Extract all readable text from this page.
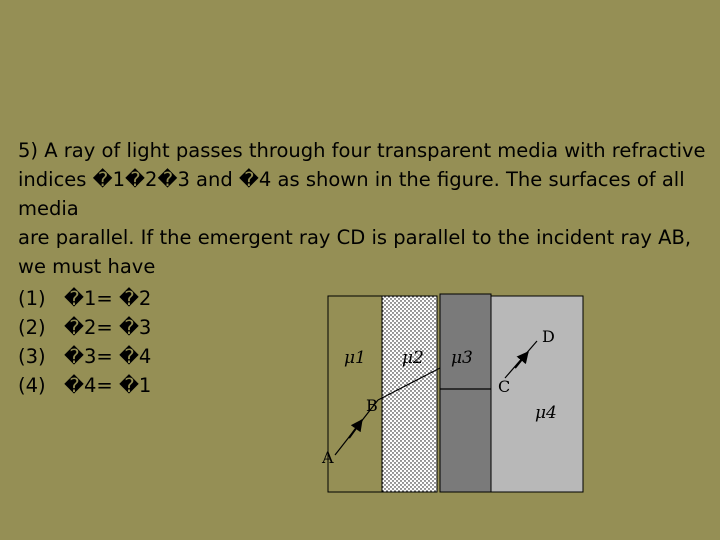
5) A ray of light passes through four transparent media with refractive
indices �1�2�3 and �4 as shown in the figure. The surfaces of all media
are parallel. If the emergent ray CD is parallel to the incident ray AB,
we must have

(1) �1= �2
(2) �2= �3
(3) �3= �4
(4) �4= �1
A
B
C
D
μ1 μ2 μ3
μ4
